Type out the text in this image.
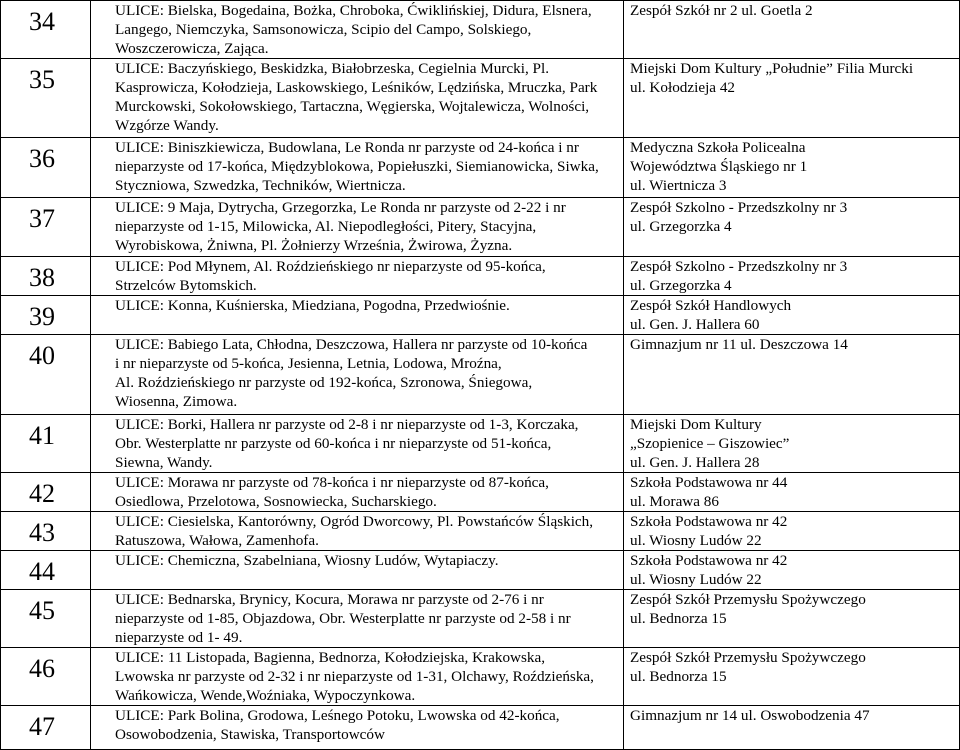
34	ULICE: Bielska, Bogedaina, Bożka, Chroboka, Ćwiklińskiej, Didura, Elsnera,
Langego, Niemczyka, Samsonowicza, Scipio del Campo, Solskiego,
Woszczerowicza, Zająca.	Zespół Szkół nr 2 ul. Goetla 2

35	ULICE: Baczyńskiego, Beskidzka, Białobrzeska, Cegielnia Murcki, Pl.
Kasprowicza, Kołodzieja, Laskowskiego, Leśników, Lędzińska, Mruczka, Park
Murckowski, Sokołowskiego, Tartaczna, Węgierska, Wojtalewicza, Wolności,
Wzgórze Wandy.	Miejski Dom Kultury „Południe” Filia Murcki
ul. Kołodzieja 42

36	ULICE: Biniszkiewicza, Budowlana, Le Ronda nr parzyste od 24-końca i nr
nieparzyste od 17-końca, Międzyblokowa, Popiełuszki, Siemianowicka, Siwka,
Styczniowa, Szwedzka, Techników, Wiertnicza.	Medyczna Szkoła Policealna
Województwa Śląskiego nr 1
ul. Wiertnicza 3

37	ULICE: 9 Maja, Dytrycha, Grzegorzka, Le Ronda nr parzyste od 2-22 i nr
nieparzyste od 1-15, Milowicka, Al. Niepodległości, Pitery, Stacyjna,
Wyrobiskowa, Żniwna, Pl. Żołnierzy Września, Żwirowa, Żyzna.	Zespół Szkolno - Przedszkolny nr 3
ul. Grzegorzka 4

38	ULICE: Pod Młynem, Al. Roździeńskiego nr nieparzyste od 95-końca,
Strzelców Bytomskich.	Zespół Szkolno - Przedszkolny nr 3
ul. Grzegorzka 4

39	ULICE: Konna, Kuśnierska, Miedziana, Pogodna, Przedwiośnie.	Zespół Szkół Handlowych
ul. Gen. J. Hallera 60

40	ULICE: Babiego Lata, Chłodna, Deszczowa, Hallera nr parzyste od 10-końca
i nr nieparzyste od 5-końca, Jesienna, Letnia, Lodowa, Mroźna,
Al. Roździeńskiego nr parzyste od 192-końca, Szronowa, Śniegowa,
Wiosenna, Zimowa.	Gimnazjum nr 11 ul. Deszczowa 14

41	ULICE: Borki, Hallera nr parzyste od 2-8 i nr nieparzyste od 1-3, Korczaka,
Obr. Westerplatte nr parzyste od 60-końca i nr nieparzyste od 51-końca,
Siewna, Wandy.	Miejski Dom Kultury
„Szopienice – Giszowiec”
ul. Gen. J. Hallera 28

42	ULICE: Morawa nr parzyste od 78-końca i nr nieparzyste od 87-końca,
Osiedlowa, Przelotowa, Sosnowiecka, Sucharskiego.	Szkoła Podstawowa nr 44
ul. Morawa 86

43	ULICE: Ciesielska, Kantorówny, Ogród Dworcowy, Pl. Powstańców Śląskich,
Ratuszowa, Wałowa, Zamenhofa.	Szkoła Podstawowa nr 42
ul. Wiosny Ludów 22

44	ULICE: Chemiczna, Szabelniana, Wiosny Ludów, Wytapiaczy.	Szkoła Podstawowa nr 42
ul. Wiosny Ludów 22

45	ULICE: Bednarska, Brynicy, Kocura, Morawa nr parzyste od 2-76 i nr
nieparzyste od 1-85, Objazdowa, Obr. Westerplatte nr parzyste od 2-58 i nr
nieparzyste od 1- 49.	Zespół Szkół Przemysłu Spożywczego
ul. Bednorza 15

46	ULICE: 11 Listopada, Bagienna, Bednorza, Kołodziejska, Krakowska,
Lwowska nr parzyste od 2-32 i nr nieparzyste od 1-31, Olchawy, Roździeńska,
Wańkowicza, Wende,Woźniaka, Wypoczynkowa.	Zespół Szkół Przemysłu Spożywczego
ul. Bednorza 15

47	ULICE: Park Bolina, Grodowa, Leśnego Potoku, Lwowska od 42-końca,
Osowobodzenia, Stawiska, Transportowców	Gimnazjum nr 14 ul. Oswobodzenia 47
